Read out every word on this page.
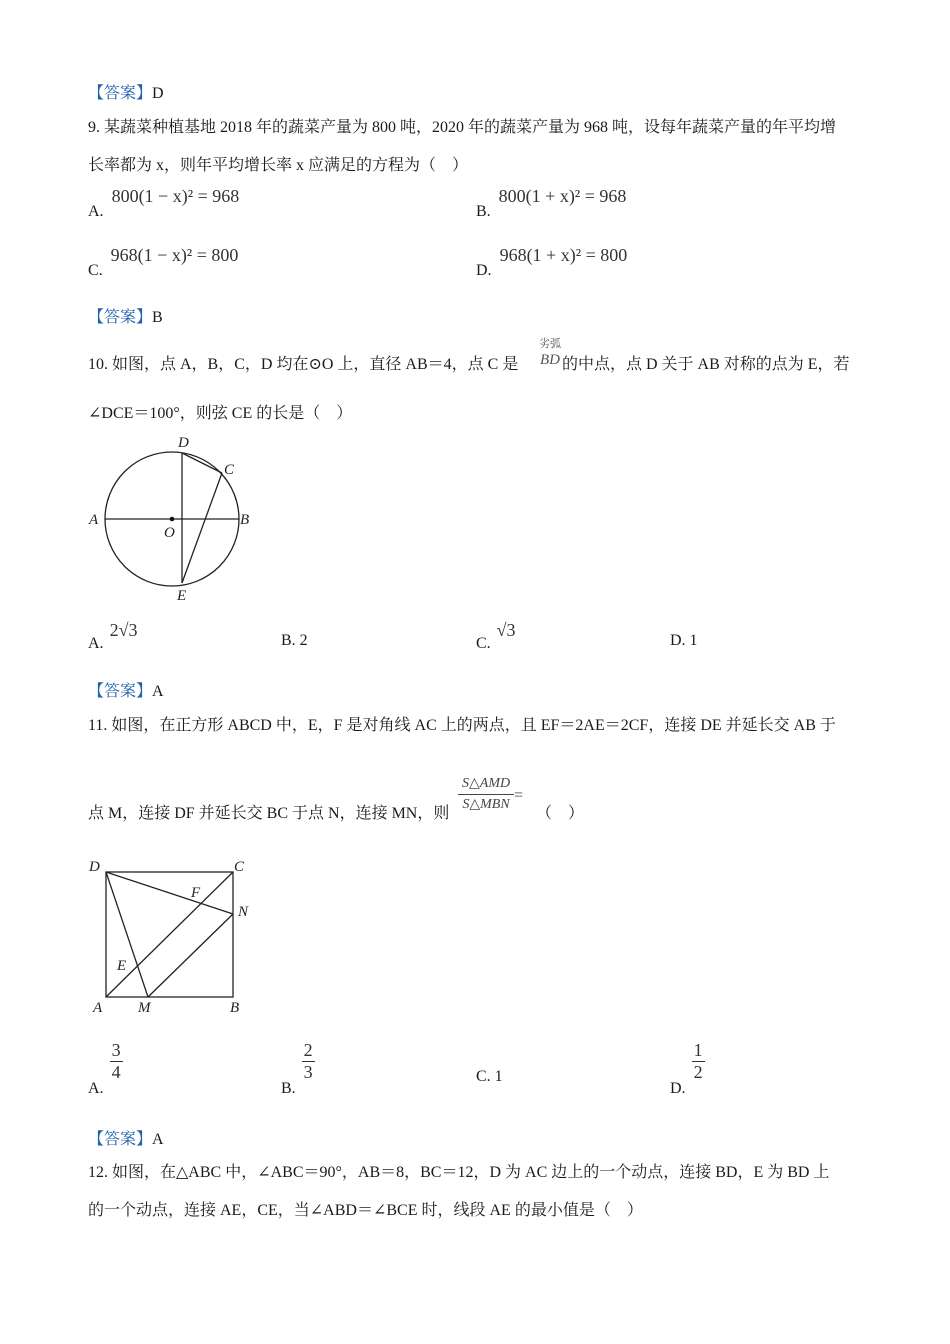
【答案】D
9. 某蔬菜种植基地 2018 年的蔬菜产量为 800 吨，2020 年的蔬菜产量为 968 吨，设每年蔬菜产量的年平均增
长率都为 x，则年平均增长率 x 应满足的方程为（　）
A. 800(1 − x)² = 968
B. 800(1 + x)² = 968
C. 968(1 − x)² = 800
D. 968(1 + x)² = 800
【答案】B
10. 如图，点 A，B，C，D 均在⊙O 上，直径 AB＝4，点 C 是
劣弧
BD 的中点，点 D 关于 AB 对称的点为 E，若
∠DCE＝100°，则弦 CE 的长是（　）
D
C
A	B
O
E
A. 2√3
B. 2	C. √3
D. 1
【答案】A
11. 如图，在正方形 ABCD 中，E，F 是对角线 AC 上的两点，且 EF＝2AE＝2CF，连接 DE 并延长交 AB 于
点 M，连接 DF 并延长交 BC 于点 N，连接 MN，则
S△AMD
S△MBN
=
（　）
D	C
F
N
E
A M	B
A.
$\frac{3}{4}$
B.
$\frac{2}{3}$	C. 1
D.
$\frac{1}{2}$
【答案】A
12. 如图，在△ABC 中，∠ABC＝90°，AB＝8，BC＝12，D 为 AC 边上的一个动点，连接 BD，E 为 BD 上
的一个动点，连接 AE，CE，当∠ABD＝∠BCE 时，线段 AE 的最小值是（　）
